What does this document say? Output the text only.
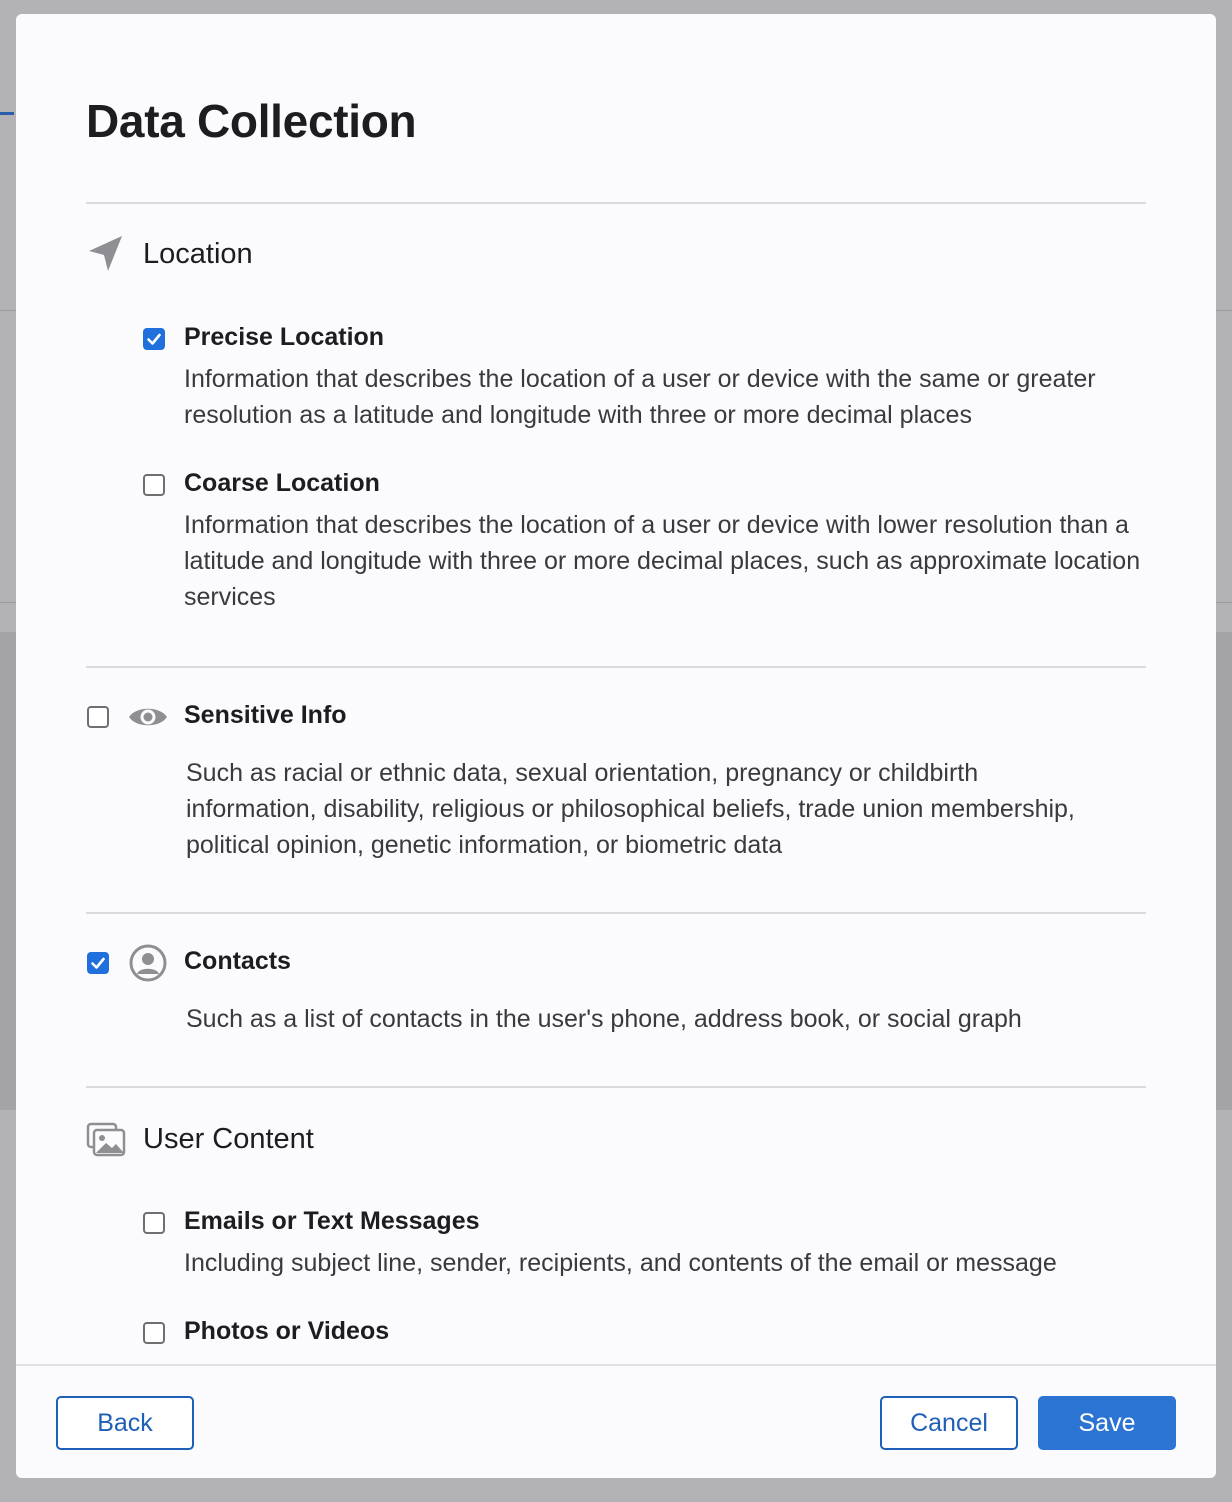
Data Collection
Location
Precise Location
Information that describes the location of a user or device with the same or greater resolution as a latitude and longitude with three or more decimal places
Coarse Location
Information that describes the location of a user or device with lower resolution than a latitude and longitude with three or more decimal places, such as approximate location services
Sensitive Info
Such as racial or ethnic data, sexual orientation, pregnancy or childbirth information, disability, religious or philosophical beliefs, trade union membership, political opinion, genetic information, or biometric data
Contacts
Such as a list of contacts in the user's phone, address book, or social graph
User Content
Emails or Text Messages
Including subject line, sender, recipients, and contents of the email or message
Photos or Videos
Back	Cancel	Save
